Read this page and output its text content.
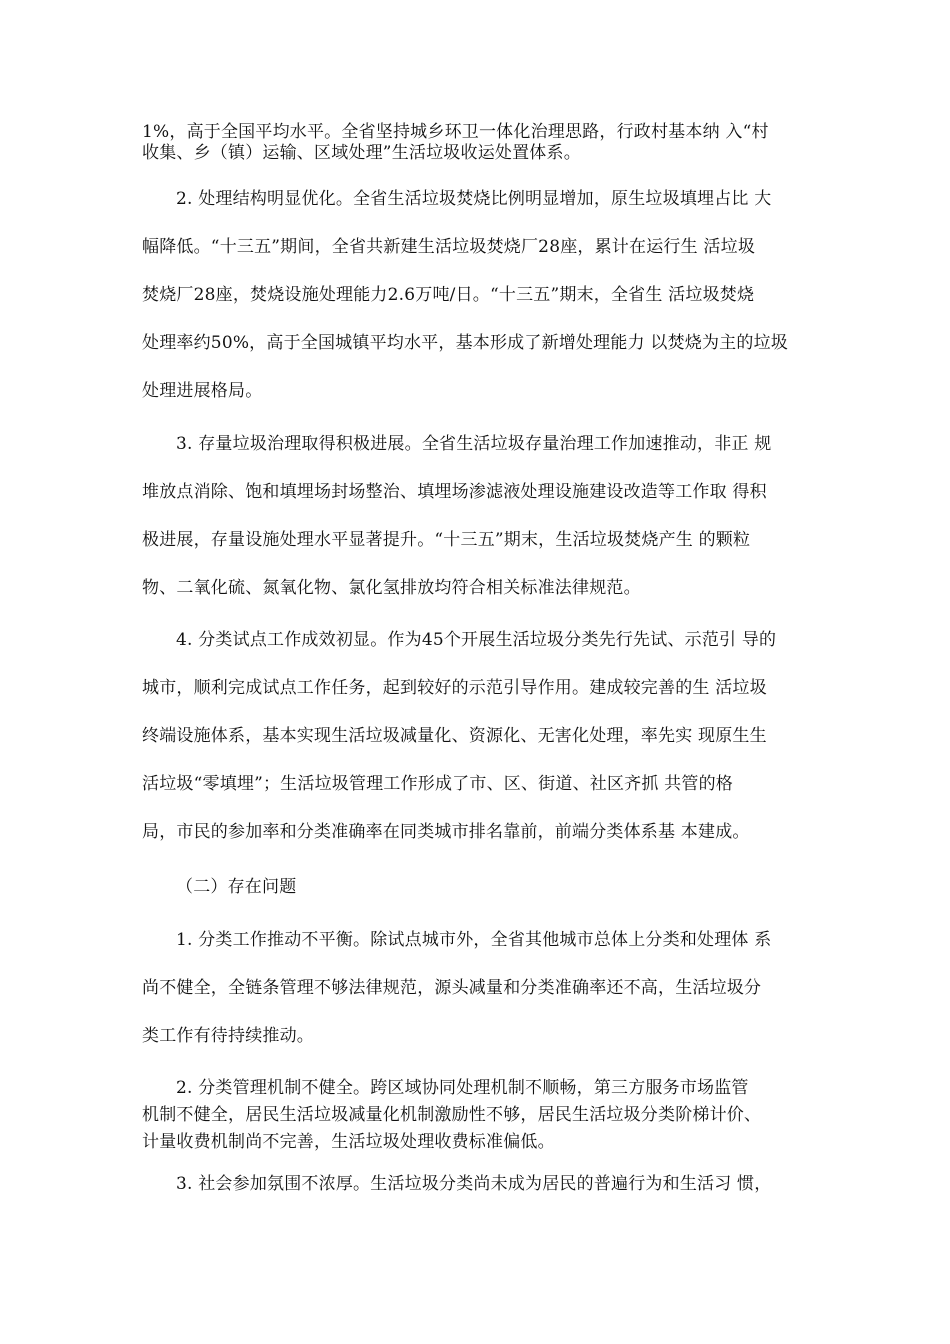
1%，高于全国平均水平。全省坚持城乡环卫一体化治理思路，行政村基本纳 入“村
收集、乡（镇）运输、区域处理”生活垃圾收运处置体系。
2. 处理结构明显优化。全省生活垃圾焚烧比例明显增加，原生垃圾填埋占比 大
幅降低。“十三五”期间，全省共新建生活垃圾焚烧厂28座，累计在运行生 活垃圾
焚烧厂28座，焚烧设施处理能力2.6万吨/日。“十三五”期末，全省生 活垃圾焚烧
处理率约50%，高于全国城镇平均水平，基本形成了新增处理能力 以焚烧为主的垃圾
处理进展格局。
3. 存量垃圾治理取得积极进展。全省生活垃圾存量治理工作加速推动，非正 规
堆放点消除、饱和填埋场封场整治、填埋场渗滤液处理设施建设改造等工作取 得积
极进展，存量设施处理水平显著提升。“十三五”期末，生活垃圾焚烧产生 的颗粒
物、二氧化硫、氮氧化物、氯化氢排放均符合相关标准法律规范。
4. 分类试点工作成效初显。作为45个开展生活垃圾分类先行先试、示范引 导的
城市，顺利完成试点工作任务，起到较好的示范引导作用。建成较完善的生 活垃圾
终端设施体系，基本实现生活垃圾减量化、资源化、无害化处理，率先实 现原生生
活垃圾“零填埋”；生活垃圾管理工作形成了市、区、街道、社区齐抓 共管的格
局，市民的参加率和分类准确率在同类城市排名靠前，前端分类体系基 本建成。
（二）存在问题
1. 分类工作推动不平衡。除试点城市外，全省其他城市总体上分类和处理体 系
尚不健全，全链条管理不够法律规范，源头减量和分类准确率还不高，生活垃圾分
类工作有待持续推动。
2. 分类管理机制不健全。跨区域协同处理机制不顺畅，第三方服务市场监管
机制不健全，居民生活垃圾减量化机制激励性不够，居民生活垃圾分类阶梯计价、
计量收费机制尚不完善，生活垃圾处理收费标准偏低。
3. 社会参加氛围不浓厚。生活垃圾分类尚未成为居民的普遍行为和生活习 惯，
